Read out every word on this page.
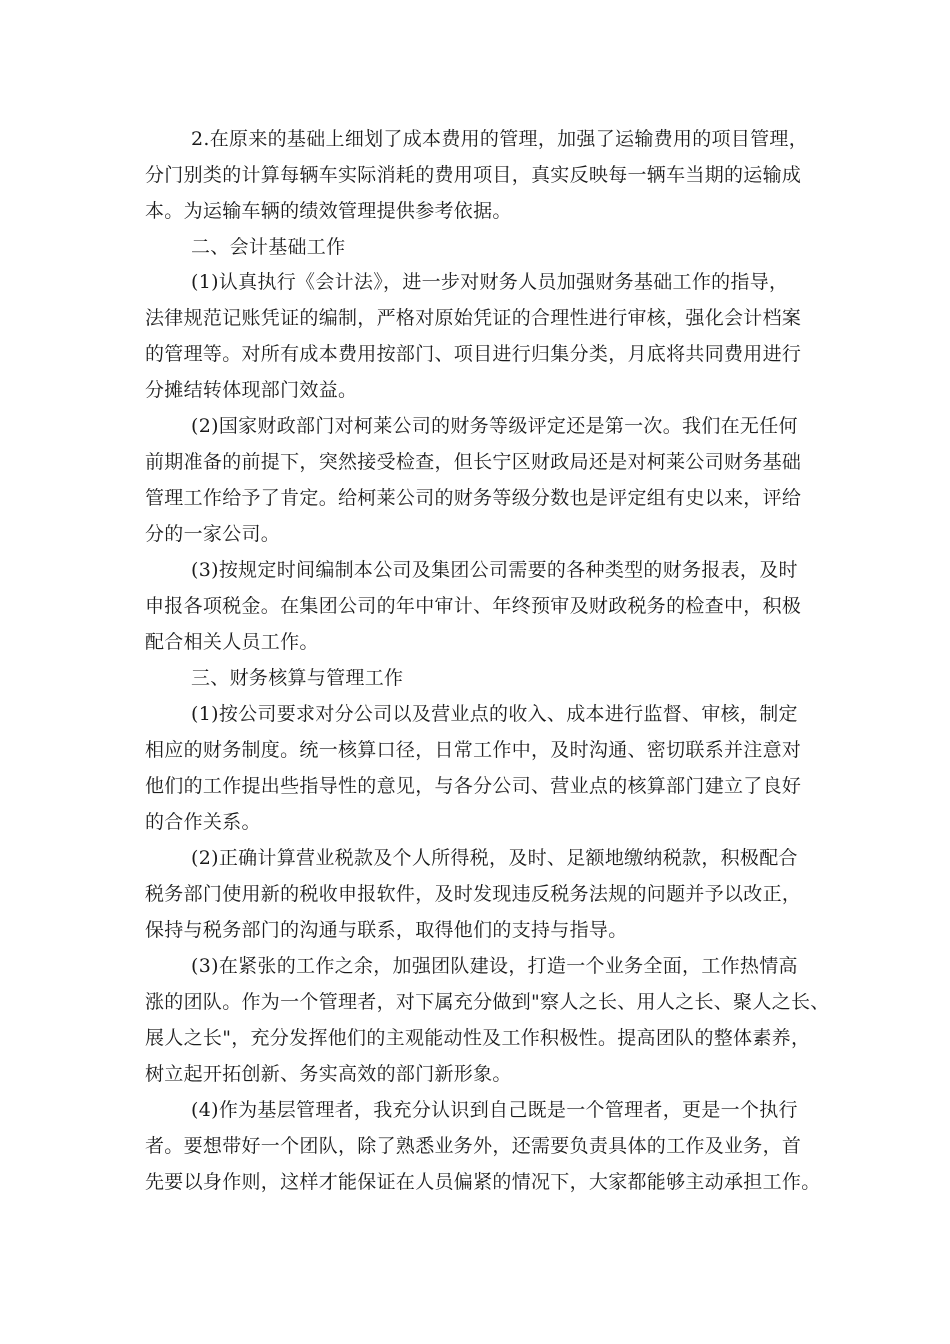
2.在原来的基础上细划了成本费用的管理，加强了运输费用的项目管理，
分门别类的计算每辆车实际消耗的费用项目，真实反映每一辆车当期的运输成
本。为运输车辆的绩效管理提供参考依据。
二、会计基础工作
(1)认真执行《会计法》，进一步对财务人员加强财务基础工作的指导，
法律规范记账凭证的编制，严格对原始凭证的合理性进行审核，强化会计档案
的管理等。对所有成本费用按部门、项目进行归集分类，月底将共同费用进行
分摊结转体现部门效益。
(2)国家财政部门对柯莱公司的财务等级评定还是第一次。我们在无任何
前期准备的前提下，突然接受检查，但长宁区财政局还是对柯莱公司财务基础
管理工作给予了肯定。给柯莱公司的财务等级分数也是评定组有史以来，评给
分的一家公司。
(3)按规定时间编制本公司及集团公司需要的各种类型的财务报表，及时
申报各项税金。在集团公司的年中审计、年终预审及财政税务的检查中，积极
配合相关人员工作。
三、财务核算与管理工作
(1)按公司要求对分公司以及营业点的收入、成本进行监督、审核，制定
相应的财务制度。统一核算口径，日常工作中，及时沟通、密切联系并注意对
他们的工作提出些指导性的意见，与各分公司、营业点的核算部门建立了良好
的合作关系。
(2)正确计算营业税款及个人所得税，及时、足额地缴纳税款，积极配合
税务部门使用新的税收申报软件，及时发现违反税务法规的问题并予以改正，
保持与税务部门的沟通与联系，取得他们的支持与指导。
(3)在紧张的工作之余，加强团队建设，打造一个业务全面，工作热情高
涨的团队。作为一个管理者，对下属充分做到"察人之长、用人之长、聚人之长、
展人之长"，充分发挥他们的主观能动性及工作积极性。提高团队的整体素养，
树立起开拓创新、务实高效的部门新形象。
(4)作为基层管理者，我充分认识到自己既是一个管理者，更是一个执行
者。要想带好一个团队，除了熟悉业务外，还需要负责具体的工作及业务，首
先要以身作则，这样才能保证在人员偏紧的情况下，大家都能够主动承担工作。
